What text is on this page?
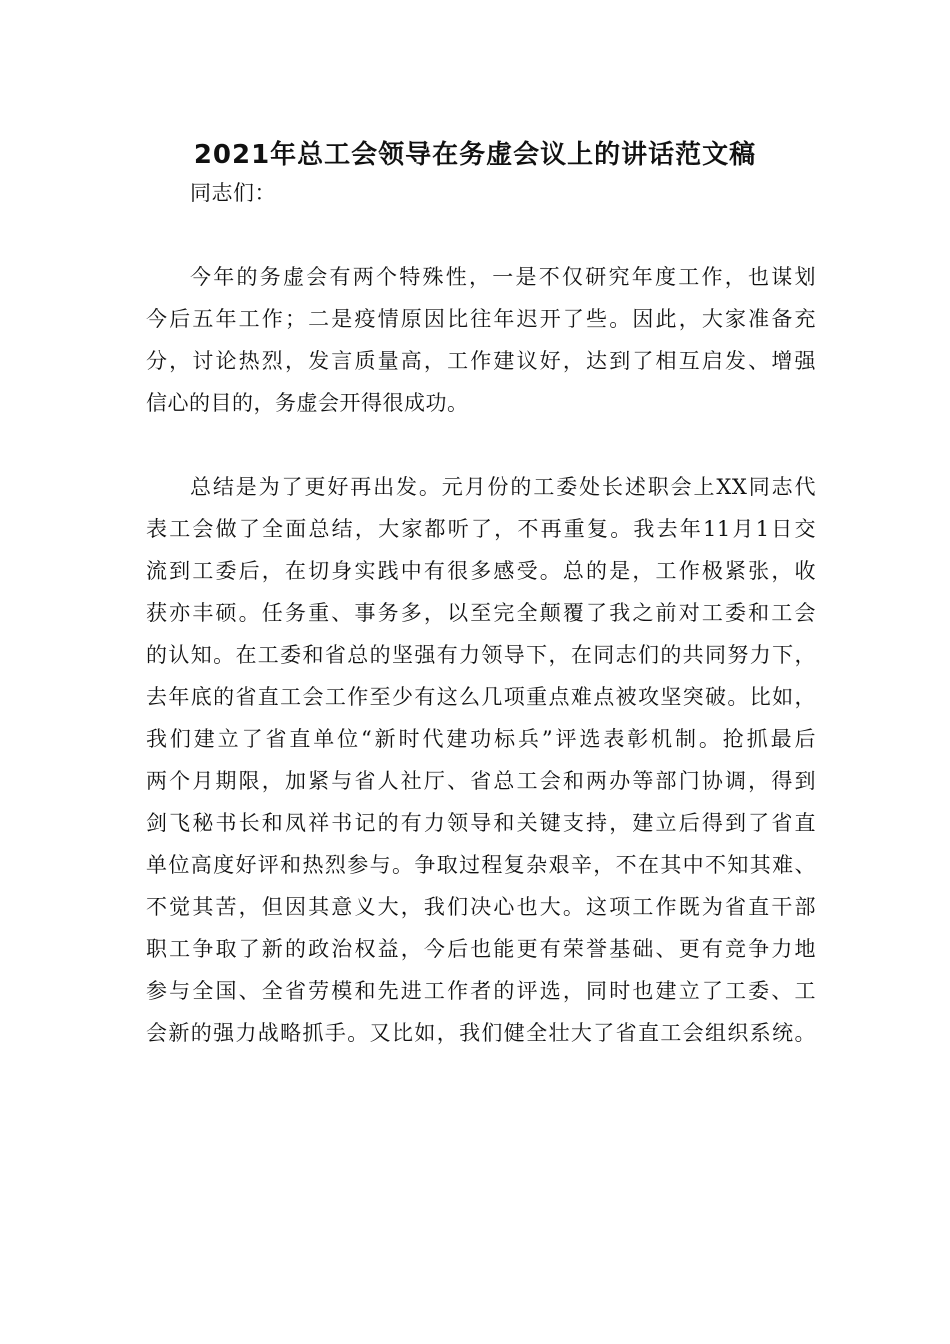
2021年总工会领导在务虚会议上的讲话范文稿
同志们：
今年的务虚会有两个特殊性，一是不仅研究年度工作，也谋划
今后五年工作；二是疫情原因比往年迟开了些。因此，大家准备充
分，讨论热烈，发言质量高，工作建议好，达到了相互启发、增强
信心的目的，务虚会开得很成功。
总结是为了更好再出发。元月份的工委处长述职会上XX同志代
表工会做了全面总结，大家都听了，不再重复。我去年11月1日交
流到工委后，在切身实践中有很多感受。总的是，工作极紧张，收
获亦丰硕。任务重、事务多，以至完全颠覆了我之前对工委和工会
的认知。在工委和省总的坚强有力领导下，在同志们的共同努力下，
去年底的省直工会工作至少有这么几项重点难点被攻坚突破。比如，
我们建立了省直单位“新时代建功标兵”评选表彰机制。抢抓最后
两个月期限，加紧与省人社厅、省总工会和两办等部门协调，得到
剑飞秘书长和凤祥书记的有力领导和关键支持，建立后得到了省直
单位高度好评和热烈参与。争取过程复杂艰辛，不在其中不知其难、
不觉其苦，但因其意义大，我们决心也大。这项工作既为省直干部
职工争取了新的政治权益，今后也能更有荣誉基础、更有竞争力地
参与全国、全省劳模和先进工作者的评选，同时也建立了工委、工
会新的强力战略抓手。又比如，我们健全壮大了省直工会组织系统。
